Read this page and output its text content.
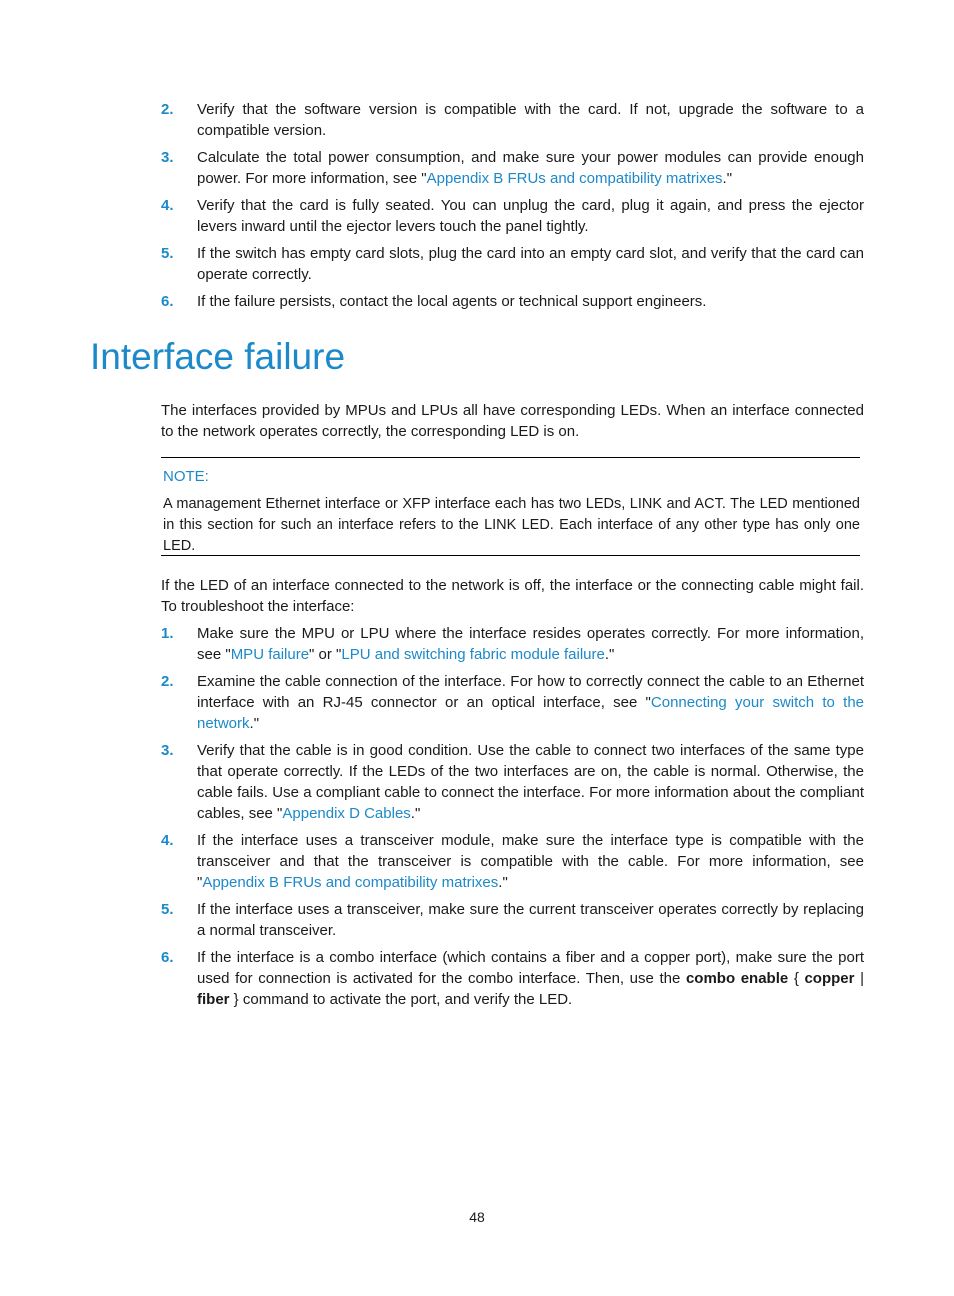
2. Verify that the software version is compatible with the card. If not, upgrade the software to a compatible version.
3. Calculate the total power consumption, and make sure your power modules can provide enough power. For more information, see "Appendix B FRUs and compatibility matrixes."
4. Verify that the card is fully seated. You can unplug the card, plug it again, and press the ejector levers inward until the ejector levers touch the panel tightly.
5. If the switch has empty card slots, plug the card into an empty card slot, and verify that the card can operate correctly.
6. If the failure persists, contact the local agents or technical support engineers.
Interface failure

The interfaces provided by MPUs and LPUs all have corresponding LEDs. When an interface connected to the network operates correctly, the corresponding LED is on.

NOTE:
A management Ethernet interface or XFP interface each has two LEDs, LINK and ACT. The LED mentioned in this section for such an interface refers to the LINK LED. Each interface of any other type has only one LED.

If the LED of an interface connected to the network is off, the interface or the connecting cable might fail. To troubleshoot the interface:

1. Make sure the MPU or LPU where the interface resides operates correctly. For more information, see "MPU failure" or "LPU and switching fabric module failure."
2. Examine the cable connection of the interface. For how to correctly connect the cable to an Ethernet interface with an RJ-45 connector or an optical interface, see "Connecting your switch to the network."
3. Verify that the cable is in good condition. Use the cable to connect two interfaces of the same type that operate correctly. If the LEDs of the two interfaces are on, the cable is normal. Otherwise, the cable fails. Use a compliant cable to connect the interface. For more information about the compliant cables, see "Appendix D Cables."
4. If the interface uses a transceiver module, make sure the interface type is compatible with the transceiver and that the transceiver is compatible with the cable. For more information, see "Appendix B FRUs and compatibility matrixes."
5. If the interface uses a transceiver, make sure the current transceiver operates correctly by replacing a normal transceiver.
6. If the interface is a combo interface (which contains a fiber and a copper port), make sure the port used for connection is activated for the combo interface. Then, use the combo enable { copper | fiber } command to activate the port, and verify the LED.
48
